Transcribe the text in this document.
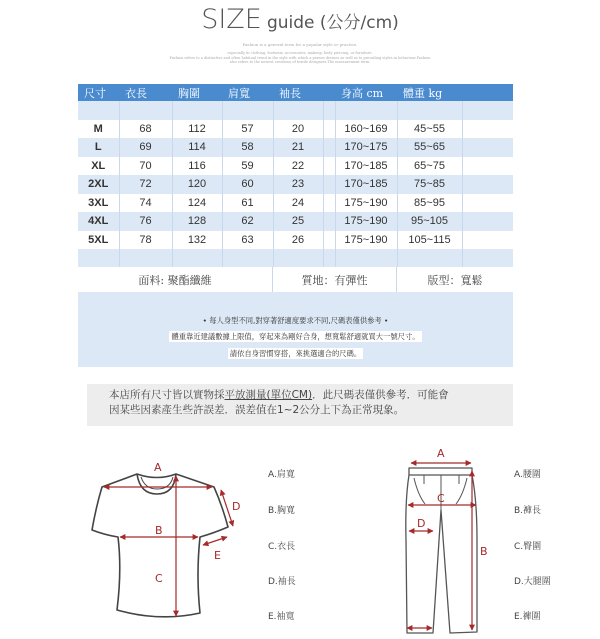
SIZE guide (公分/cm)
Fashion is a general term for a popular style or practice,
especially in clothing, footwear, accessories, makeup, body piercing, or furniture.
Fashion refers to a distinctive and often habitual trend in the style with which a person dresses as well as to prevailing styles in behaviour.Fashion
also refers to the newest creations of textile designers.The measurement term.
尺寸	衣長	胸圍	肩寬	袖長		身高 cm	體重 kg	

M	68	112	57	20		160~169	45~55	
L	69	114	58	21		170~175	55~65	
XL	70	116	59	22		170~185	65~75	
2XL	72	120	60	23		170~185	75~85	
3XL	74	124	61	24		175~190	85~95	
4XL	76	128	62	25		175~190	95~105	
5XL	78	132	63	26		175~190	105~115	

面料: 聚酯纖維	質地：有彈性	版型：寬鬆
• 每人身型不同,對穿著舒適度要求不同,尺碼表僅供參考 •
體重靠近建議數據上限值，穿起來為剛好合身，想寬鬆舒適就買大一號尺寸。
請依自身習慣穿搭，來挑選適合的尺碼。
本店所有尺寸皆以實物採平放測量(單位CM)．此尺碼表僅供參考．可能會
因某些因素產生些許誤差．誤差值在1~2公分上下為正常現象。
A
B
C
D
E
A
C
D
B
A.肩寬
B.胸寬
C.衣長
D.袖長
E.袖寬
A.腰圍
B.褲長
C.臀圍
D.大腿圍
E.褲圍
